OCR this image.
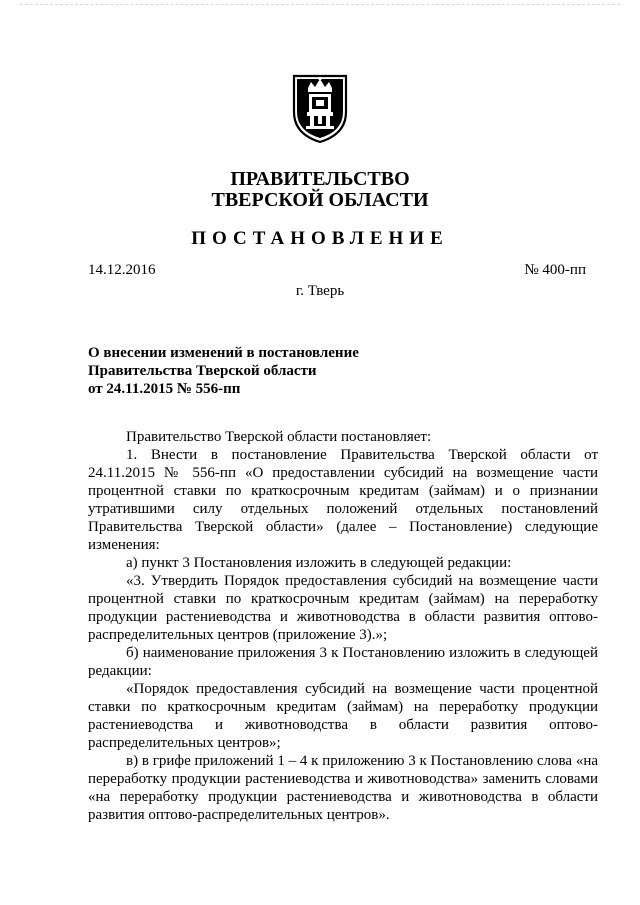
ПРАВИТЕЛЬСТВО
ТВЕРСКОЙ ОБЛАСТИ
ПОСТАНОВЛЕНИЕ
14.12.2016	№ 400-пп
г. Тверь
О внесении изменений в постановление
Правительства Тверской области
от 24.11.2015 № 556-пп

Правительство Тверской области постановляет:

1. Внести в постановление Правительства Тверской области от 24.11.2015 № 556-пп «О предоставлении субсидий на возмещение части процентной ставки по краткосрочным кредитам (займам) и о признании утратившими силу отдельных положений отдельных постановлений Правительства Тверской области» (далее – Постановление) следующие изменения:

а) пункт 3 Постановления изложить в следующей редакции:

«3. Утвердить Порядок предоставления субсидий на возмещение части процентной ставки по краткосрочным кредитам (займам) на переработку продукции растениеводства и животноводства в области развития оптово-распределительных центров (приложение 3).»;

б) наименование приложения 3 к Постановлению изложить в следующей редакции:

«Порядок предоставления субсидий на возмещение части процентной ставки по краткосрочным кредитам (займам) на переработку продукции растениеводства и животноводства в области развития оптово-распределительных центров»;

в) в грифе приложений 1 – 4 к приложению 3 к Постановлению слова «на переработку продукции растениеводства и животноводства» заменить словами «на переработку продукции растениеводства и животноводства в области развития оптово-распределительных центров».
